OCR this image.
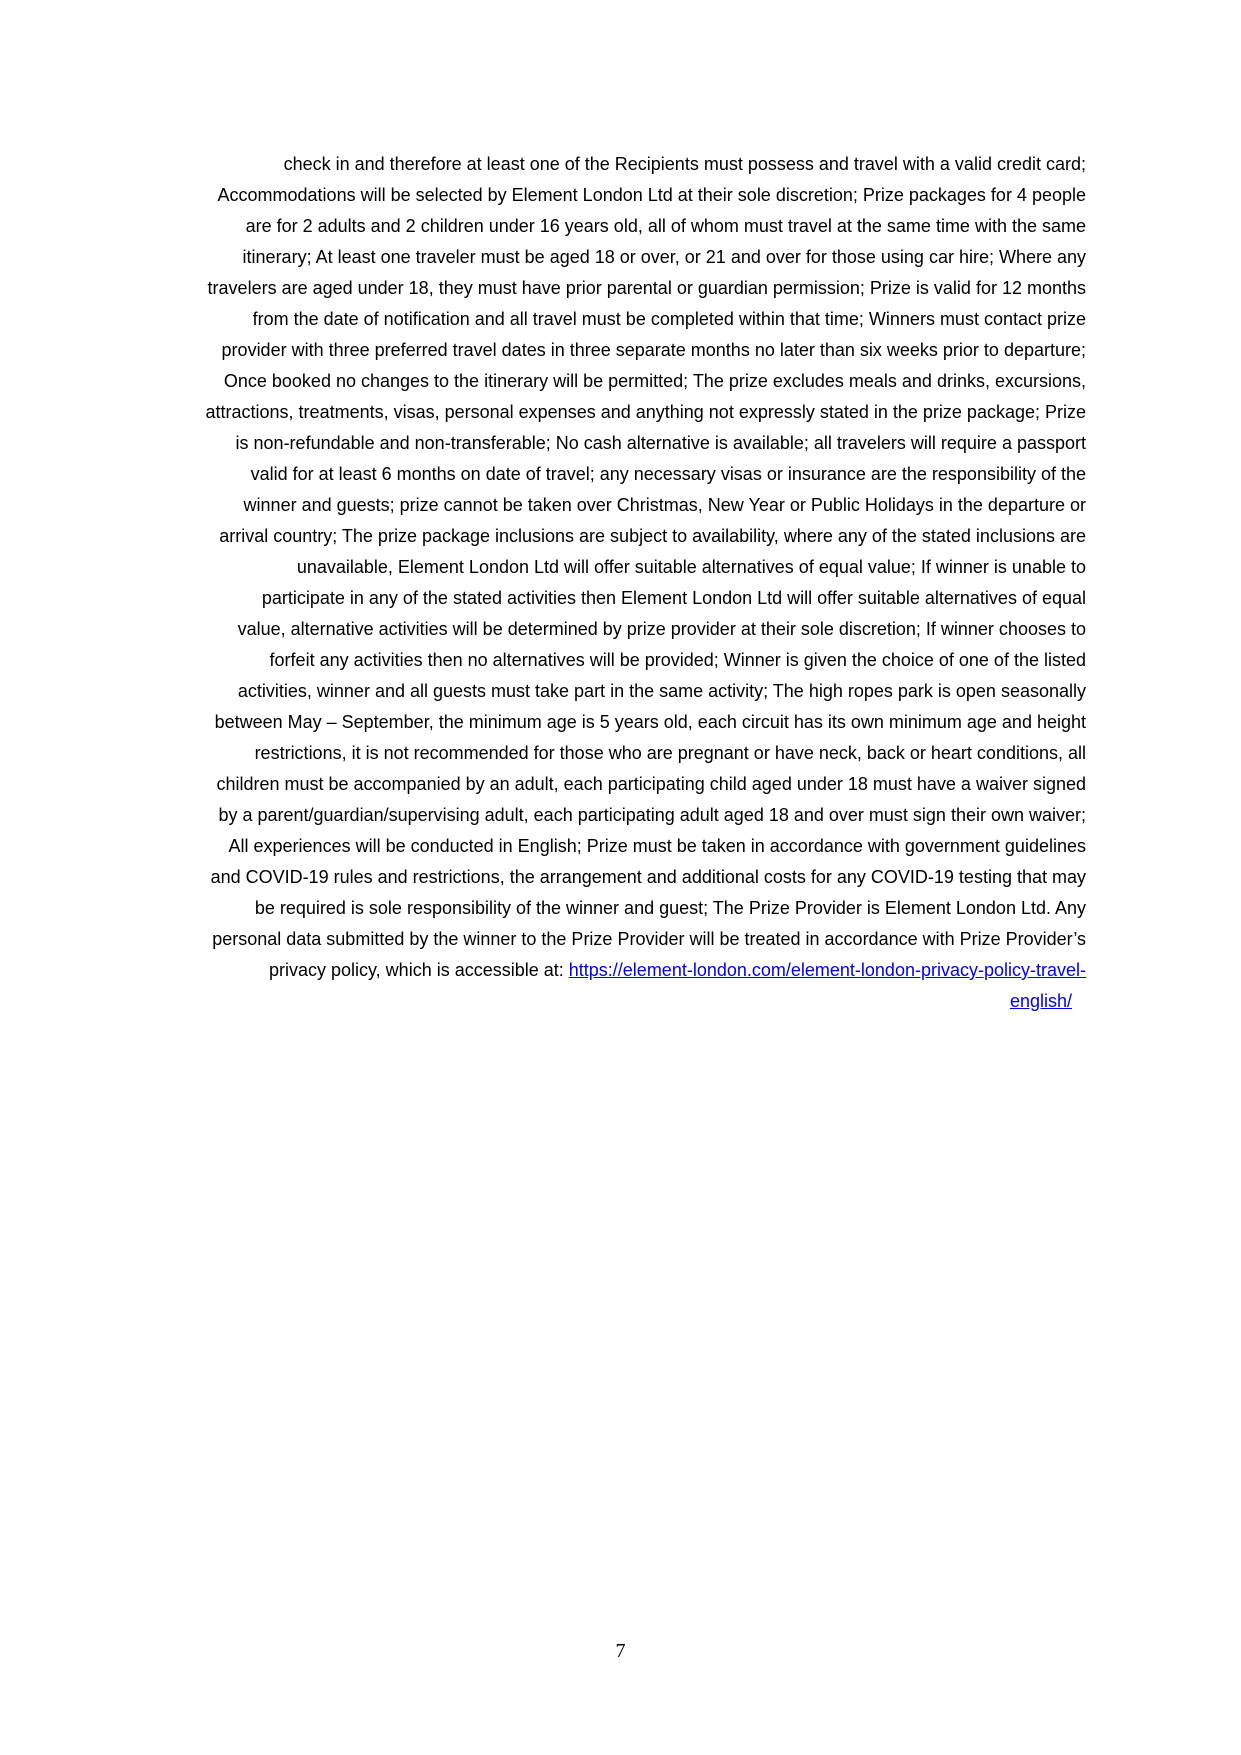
check in and therefore at least one of the Recipients must possess and travel with a valid credit card;
Accommodations will be selected by Element London Ltd at their sole discretion; Prize packages for 4 people
are for 2 adults and 2 children under 16 years old, all of whom must travel at the same time with the same
itinerary; At least one traveler must be aged 18 or over, or 21 and over for those using car hire; Where any
travelers are aged under 18, they must have prior parental or guardian permission; Prize is valid for 12 months
from the date of notification and all travel must be completed within that time; Winners must contact prize
provider with three preferred travel dates in three separate months no later than six weeks prior to departure;
Once booked no changes to the itinerary will be permitted; The prize excludes meals and drinks, excursions,
attractions, treatments, visas, personal expenses and anything not expressly stated in the prize package; Prize
is non-refundable and non-transferable; No cash alternative is available; all travelers will require a passport
valid for at least 6 months on date of travel; any necessary visas or insurance are the responsibility of the
winner and guests; prize cannot be taken over Christmas, New Year or Public Holidays in the departure or
arrival country; The prize package inclusions are subject to availability, where any of the stated inclusions are
unavailable, Element London Ltd will offer suitable alternatives of equal value; If winner is unable to
participate in any of the stated activities then Element London Ltd will offer suitable alternatives of equal
value, alternative activities will be determined by prize provider at their sole discretion; If winner chooses to
forfeit any activities then no alternatives will be provided; Winner is given the choice of one of the listed
activities, winner and all guests must take part in the same activity; The high ropes park is open seasonally
between May – September, the minimum age is 5 years old, each circuit has its own minimum age and height
restrictions, it is not recommended for those who are pregnant or have neck, back or heart conditions, all
children must be accompanied by an adult, each participating child aged under 18 must have a waiver signed
by a parent/guardian/supervising adult, each participating adult aged 18 and over must sign their own waiver;
All experiences will be conducted in English; Prize must be taken in accordance with government guidelines
and COVID-19 rules and restrictions, the arrangement and additional costs for any COVID-19 testing that may
be required is sole responsibility of the winner and guest; The Prize Provider is Element London Ltd. Any
personal data submitted by the winner to the Prize Provider will be treated in accordance with Prize Provider’s
privacy policy, which is accessible at: https://element-london.com/element-london-privacy-policy-travel-
english/
7
